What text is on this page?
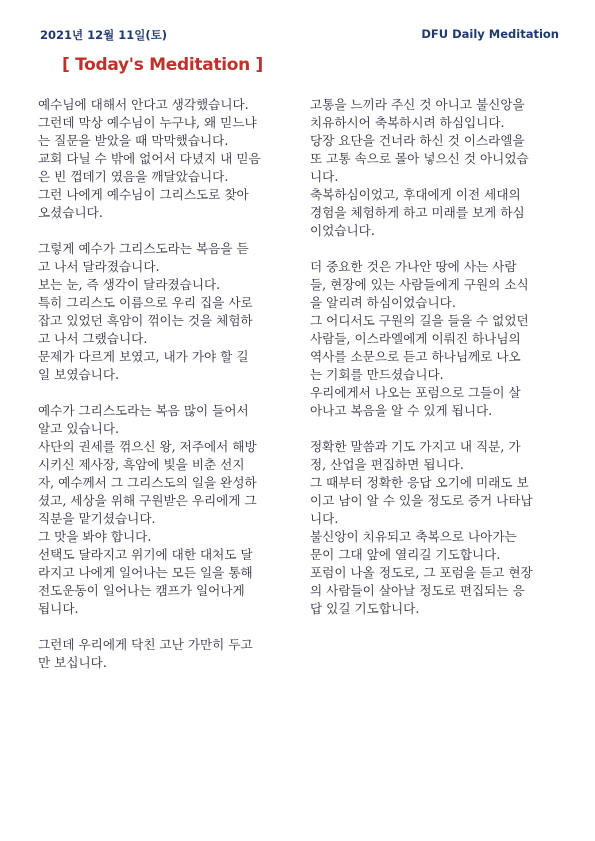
2021년 12월 11일(토)	DFU Daily Meditation
[ Today's Meditation ]
예수님에 대해서 안다고 생각했습니다.
그런데 막상 예수님이 누구냐, 왜 믿느냐
는 질문을 받았을 때 막막했습니다.
교회 다닐 수 밖에 없어서 다녔지 내 믿음
은 빈 껍데기 였음을 깨달았습니다.
그런 나에게 예수님이 그리스도로 찾아
오셨습니다.
그렇게 예수가 그리스도라는 복음을 듣
고 나서 달라졌습니다.
보는 눈, 즉 생각이 달라졌습니다.
특히 그리스도 이름으로 우리 집을 사로
잡고 있었던 흑암이 꺾이는 것을 체험하
고 나서 그랬습니다.
문제가 다르게 보였고, 내가 가야 할 길
일 보였습니다.
예수가 그리스도라는 복음 많이 들어서
알고 있습니다.
사단의 권세를 꺾으신 왕, 저주에서 해방
시키신 제사장, 흑암에 빛을 비춘 선지
자, 예수께서 그 그리스도의 일을 완성하
셨고, 세상을 위해 구원받은 우리에게 그
직분을 맡기셨습니다.
그 맛을 봐야 합니다.
선택도 달라지고 위기에 대한 대처도 달
라지고 나에게 일어나는 모든 일을 통해
전도운동이 일어나는 캠프가 일어나게
됩니다.
그런데 우리에게 닥친 고난 가만히 두고
만 보십니다.
고통을 느끼라 주신 것 아니고 불신앙을
치유하시어 축복하시려 하심입니다.
당장 요단을 건너라 하신 것 이스라엘을
또 고통 속으로 몰아 넣으신 것 아니었습
니다.
축복하심이었고, 후대에게 이전 세대의
경험을 체험하게 하고 미래를 보게 하심
이었습니다.
더 중요한 것은 가나안 땅에 사는 사람
들, 현장에 있는 사람들에게 구원의 소식
을 알리려 하심이었습니다.
그 어디서도 구원의 길을 들을 수 없었던
사람들, 이스라엘에게 이뤄진 하나님의
역사를 소문으로 듣고 하나님께로 나오
는 기회를 만드셨습니다.
우리에게서 나오는 포럼으로 그들이 살
아나고 복음을 알 수 있게 됩니다.
정확한 말씀과 기도 가지고 내 직분, 가
정, 산업을 편집하면 됩니다.
그 때부터 정확한 응답 오기에 미래도 보
이고 남이 알 수 있을 정도로 증거 나타납
니다.
불신앙이 치유되고 축복으로 나아가는
문이 그대 앞에 열리길 기도합니다.
포럼이 나올 정도로, 그 포럼을 듣고 현장
의 사람들이 살아날 정도로 편집되는 응
답 있길 기도합니다.
